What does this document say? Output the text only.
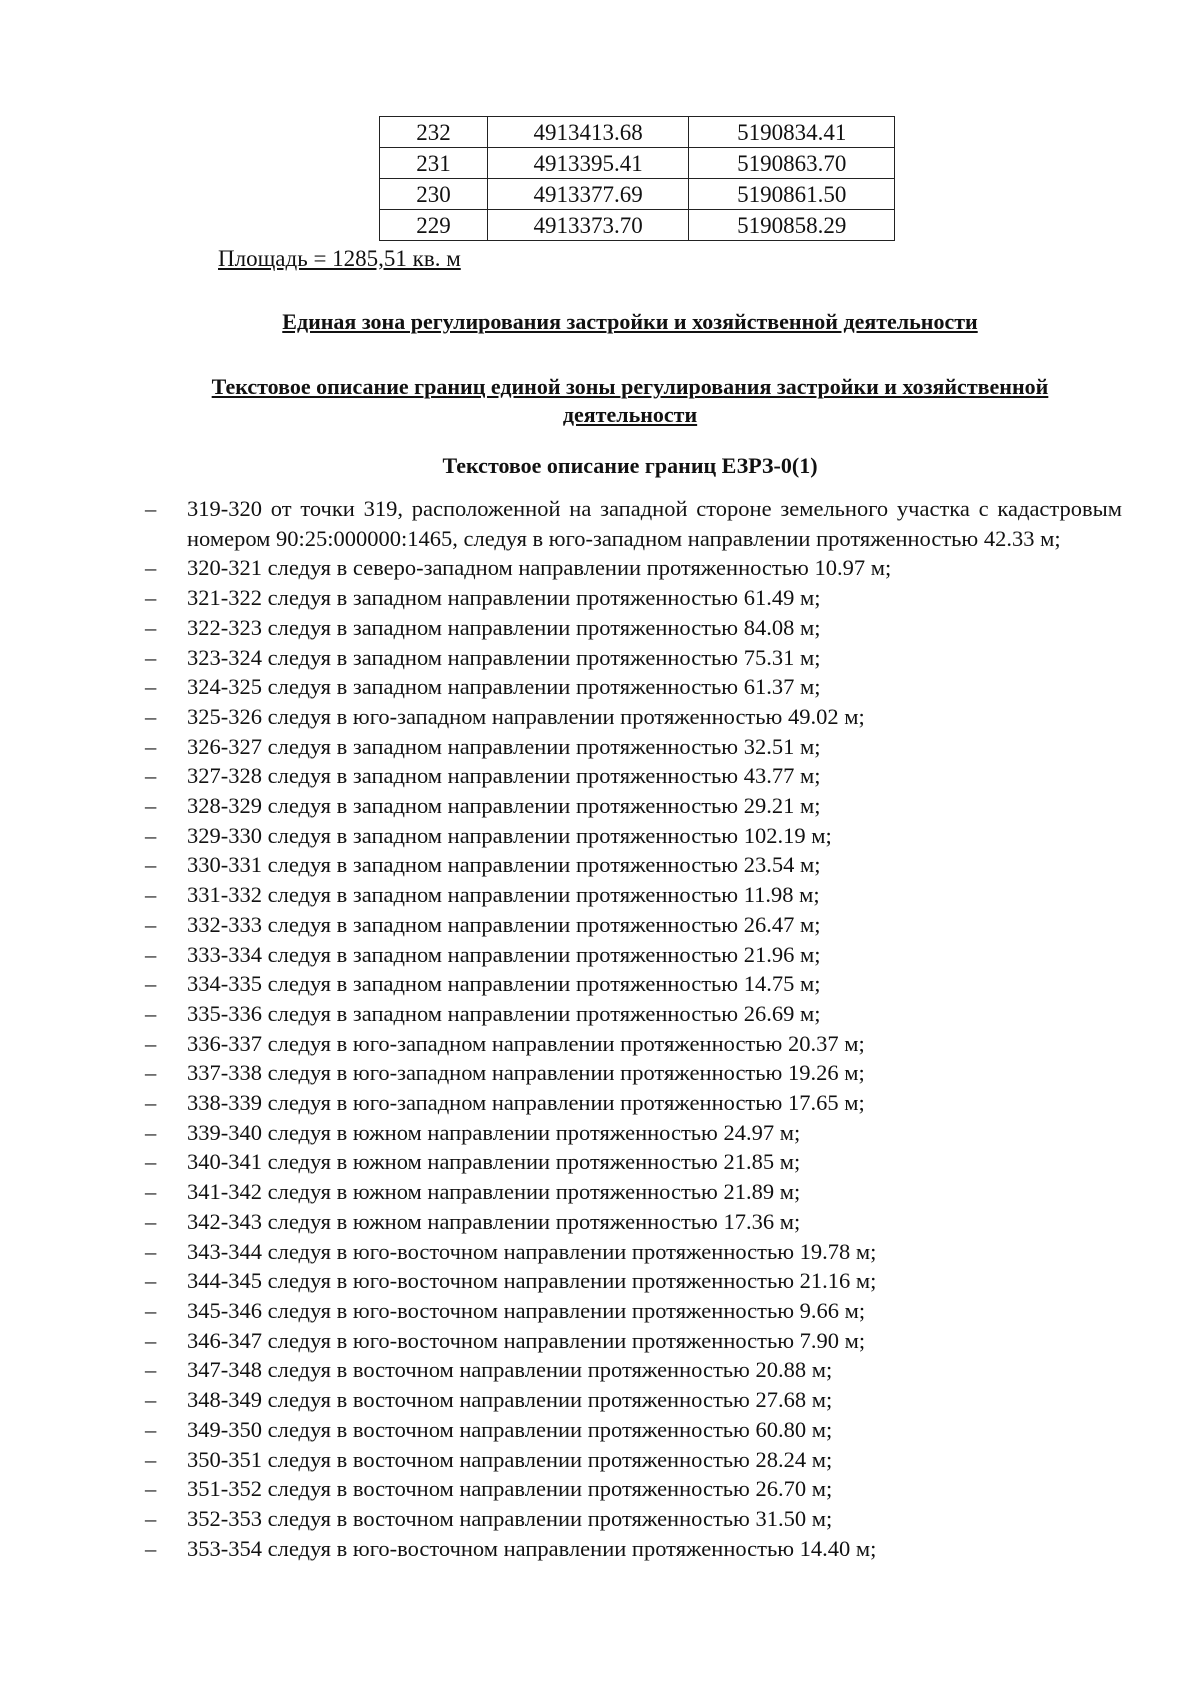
232	4913413.68	5190834.41
231	4913395.41	5190863.70
230	4913377.69	5190861.50
229	4913373.70	5190858.29
Площадь = 1285,51 кв. м
Единая зона регулирования застройки и хозяйственной деятельности
Текстовое описание границ единой зоны регулирования застройки и хозяйственной деятельности
Текстовое описание границ ЕЗРЗ-0(1)
–	319-320 от точки 319, расположенной на западной стороне земельного участка с кадастровым номером 90:25:000000:1465, следуя в юго-западном направлении протяженностью 42.33 м;
–	320-321 следуя в северо-западном направлении протяженностью 10.97 м;
–	321-322 следуя в западном направлении протяженностью 61.49 м;
–	322-323 следуя в западном направлении протяженностью 84.08 м;
–	323-324 следуя в западном направлении протяженностью 75.31 м;
–	324-325 следуя в западном направлении протяженностью 61.37 м;
–	325-326 следуя в юго-западном направлении протяженностью 49.02 м;
–	326-327 следуя в западном направлении протяженностью 32.51 м;
–	327-328 следуя в западном направлении протяженностью 43.77 м;
–	328-329 следуя в западном направлении протяженностью 29.21 м;
–	329-330 следуя в западном направлении протяженностью 102.19 м;
–	330-331 следуя в западном направлении протяженностью 23.54 м;
–	331-332 следуя в западном направлении протяженностью 11.98 м;
–	332-333 следуя в западном направлении протяженностью 26.47 м;
–	333-334 следуя в западном направлении протяженностью 21.96 м;
–	334-335 следуя в западном направлении протяженностью 14.75 м;
–	335-336 следуя в западном направлении протяженностью 26.69 м;
–	336-337 следуя в юго-западном направлении протяженностью 20.37 м;
–	337-338 следуя в юго-западном направлении протяженностью 19.26 м;
–	338-339 следуя в юго-западном направлении протяженностью 17.65 м;
–	339-340 следуя в южном направлении протяженностью 24.97 м;
–	340-341 следуя в южном направлении протяженностью 21.85 м;
–	341-342 следуя в южном направлении протяженностью 21.89 м;
–	342-343 следуя в южном направлении протяженностью 17.36 м;
–	343-344 следуя в юго-восточном направлении протяженностью 19.78 м;
–	344-345 следуя в юго-восточном направлении протяженностью 21.16 м;
–	345-346 следуя в юго-восточном направлении протяженностью 9.66 м;
–	346-347 следуя в юго-восточном направлении протяженностью 7.90 м;
–	347-348 следуя в восточном направлении протяженностью 20.88 м;
–	348-349 следуя в восточном направлении протяженностью 27.68 м;
–	349-350 следуя в восточном направлении протяженностью 60.80 м;
–	350-351 следуя в восточном направлении протяженностью 28.24 м;
–	351-352 следуя в восточном направлении протяженностью 26.70 м;
–	352-353 следуя в восточном направлении протяженностью 31.50 м;
–	353-354 следуя в юго-восточном направлении протяженностью 14.40 м;
